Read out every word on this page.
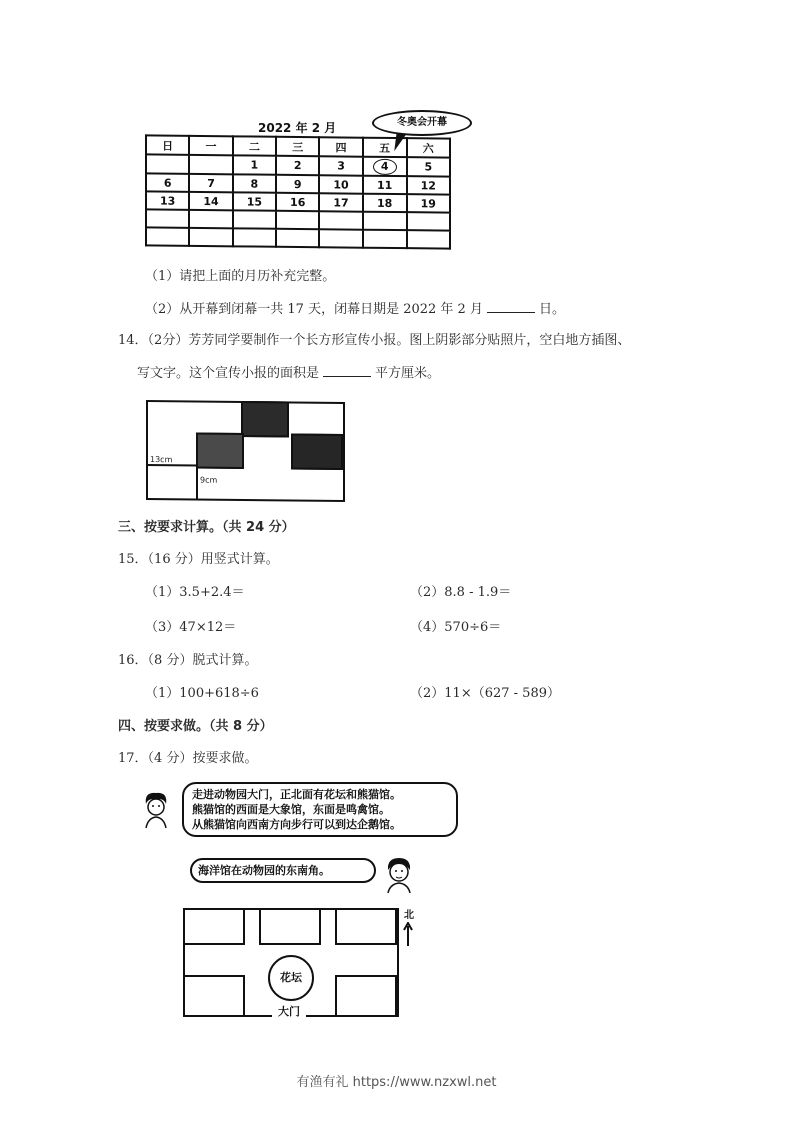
2022 年 2 月	冬奥会开幕
日	一	二	三	四	五	六
		1	2	3	4	5
6	7	8	9	10	11	12
13	14	15	16	17	18	19

（1）请把上面的月历补充完整。
（2）从开幕到闭幕一共 17 天，闭幕日期是 2022 年 2 月	日。
14．（2分）芳芳同学要制作一个长方形宣传小报。图上阴影部分贴照片，空白地方插图、
写文字。这个宣传小报的面积是	平方厘米。
13cm
9cm
三、按要求计算。（共 24 分）
15．（16 分）用竖式计算。
（1）3.5+2.4＝	（2）8.8 - 1.9＝
（3）47×12＝	（4）570÷6＝
16．（8 分）脱式计算。
（1）100+618÷6	（2）11×（627 - 589）
四、按要求做。（共 8 分）
17．（4 分）按要求做。
走进动物园大门，正北面有花坛和熊猫馆。
熊猫馆的西面是大象馆，东面是鸣禽馆。
从熊猫馆向西南方向步行可以到达企鹅馆。
海洋馆在动物园的东南角。
花坛
大门
北
有渔有礼 https://www.nzxwl.net
